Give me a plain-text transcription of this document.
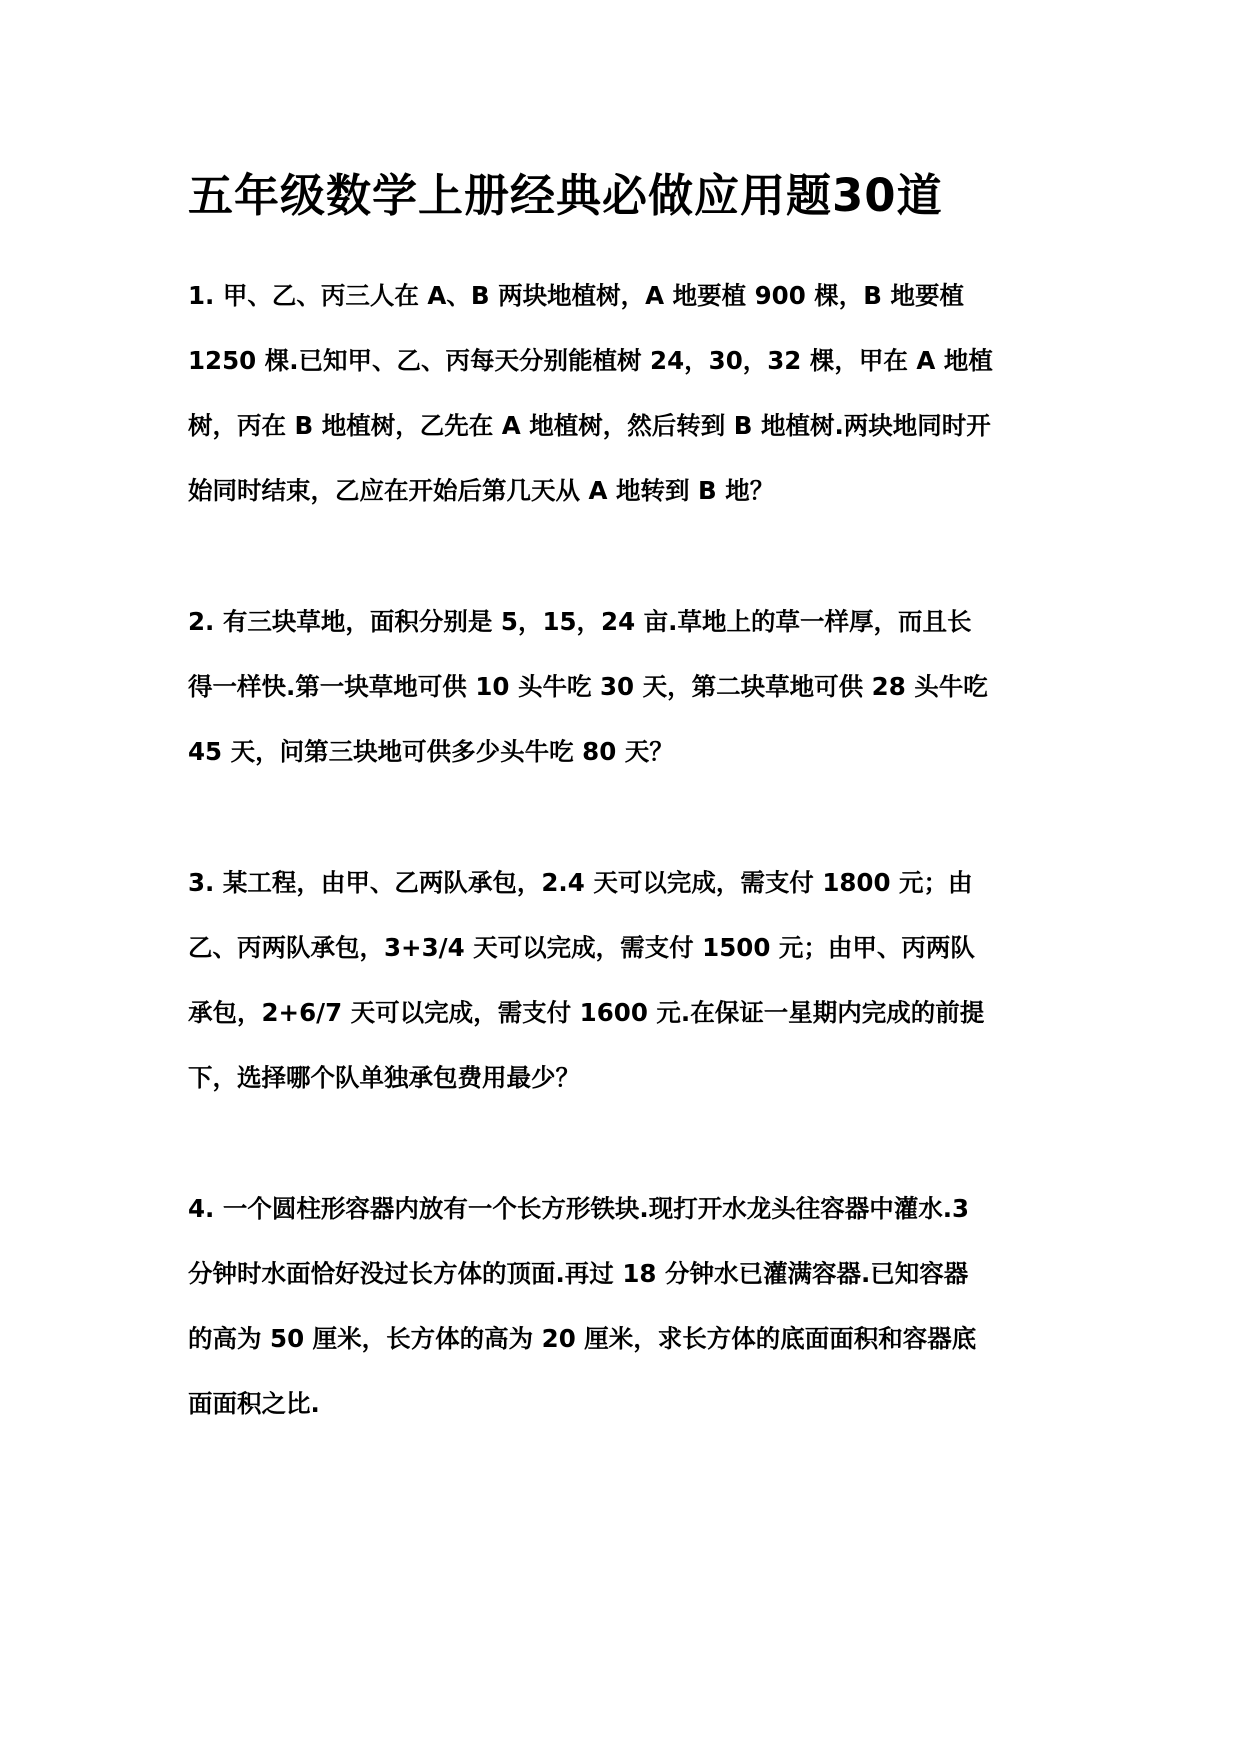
五年级数学上册经典必做应用题30道
1. 甲、乙、丙三人在 A、B 两块地植树，A 地要植 900 棵，B 地要植
1250 棵.已知甲、乙、丙每天分别能植树 24，30，32 棵，甲在 A 地植
树，丙在 B 地植树，乙先在 A 地植树，然后转到 B 地植树.两块地同时开
始同时结束，乙应在开始后第几天从 A 地转到 B 地？
2. 有三块草地，面积分别是 5，15，24 亩.草地上的草一样厚，而且长
得一样快.第一块草地可供 10 头牛吃 30 天，第二块草地可供 28 头牛吃
45 天，问第三块地可供多少头牛吃 80 天？
3. 某工程，由甲、乙两队承包，2.4 天可以完成，需支付 1800 元；由
乙、丙两队承包，3+3/4 天可以完成，需支付 1500 元；由甲、丙两队
承包，2+6/7 天可以完成，需支付 1600 元.在保证一星期内完成的前提
下，选择哪个队单独承包费用最少？
4. 一个圆柱形容器内放有一个长方形铁块.现打开水龙头往容器中灌水.3
分钟时水面恰好没过长方体的顶面.再过 18 分钟水已灌满容器.已知容器
的高为 50 厘米，长方体的高为 20 厘米，求长方体的底面面积和容器底
面面积之比.
